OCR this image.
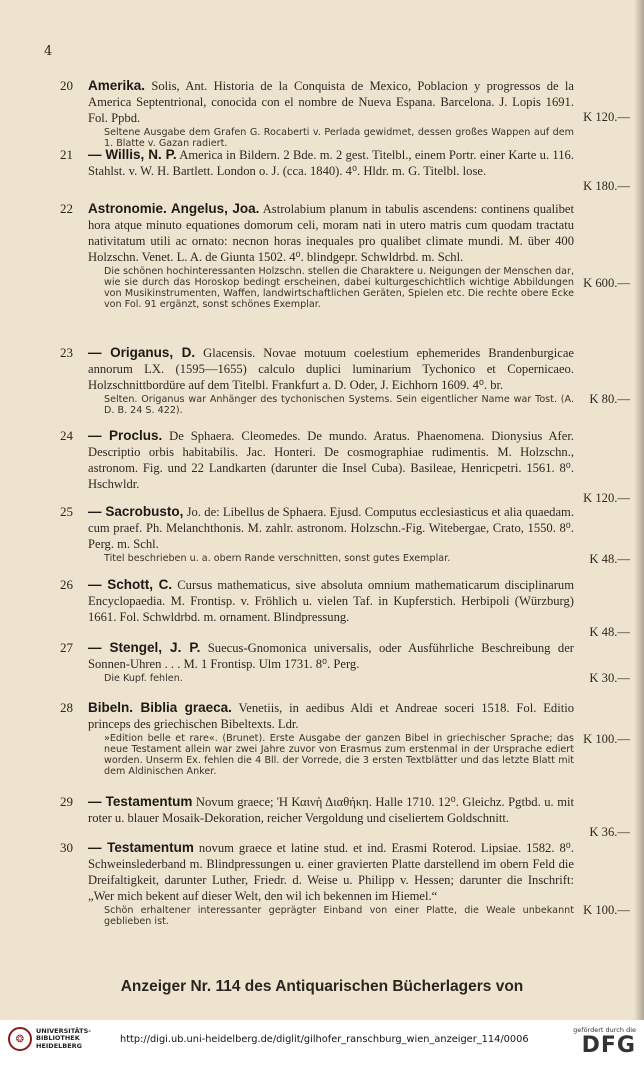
4
20	Amerika. Solis, Ant. Historia de la Conquista de Mexico, Poblacion y progressos de la America Septentrional, conocida con el nombre de Nueva Espana. Barcelona. J. Lopis 1691. Fol. Ppbd.
Seltene Ausgabe dem Grafen G. Rocaberti v. Perlada gewidmet, dessen großes Wappen auf dem 1. Blatte v. Gazan radiert.
K 120.—
21	— Willis, N. P. America in Bildern. 2 Bde. m. 2 gest. Titelbl., einem Portr. einer Karte u. 116. Stahlst. v. W. H. Bartlett. London o. J. (cca. 1840). 4⁰. Hldr. m. G. Titelbl. lose.
K 180.—
22	Astronomie. Angelus, Joa. Astrolabium planum in tabulis ascendens: continens qualibet hora atque minuto equationes domorum celi, moram nati in utero matris cum quodam tractatu nativitatum utili ac ornato: necnon horas inequales pro qualibet climate mundi. M. über 400 Holzschn. Venet. L. A. de Giunta 1502. 4⁰. blindgepr. Schwldrbd. m. Schl.
Die schönen hochinteressanten Holzschn. stellen die Charaktere u. Neigungen der Menschen dar, wie sie durch das Horoskop bedingt erscheinen, dabei kulturgeschichtlich wichtige Abbildungen von Musikinstrumenten, Waffen, landwirtschaftlichen Geräten, Spielen etc. Die rechte obere Ecke von Fol. 91 ergänzt, sonst schönes Exemplar.
K 600.—
23	— Origanus, D. Glacensis. Novae motuum coelestium ephemerides Brandenburgicae annorum LX. (1595—1655) calculo duplici luminarium Tychonico et Copernicaeo. Holzschnittbordüre auf dem Titelbl. Frankfurt a. D. Oder, J. Eichhorn 1609. 4⁰. br.
Selten. Origanus war Anhänger des tychonischen Systems. Sein eigentlicher Name war Tost. (A. D. B. 24 S. 422).
K 80.—
24	— Proclus. De Sphaera. Cleomedes. De mundo. Aratus. Phaenomena. Dionysius Afer. Descriptio orbis habitabilis. Jac. Honteri. De cosmographiae rudimentis. M. Holzschn., astronom. Fig. und 22 Landkarten (darunter die Insel Cuba). Basileae, Henricpetri. 1561. 8⁰. Hschwldr.
K 120.—
25	— Sacrobusto, Jo. de: Libellus de Sphaera. Ejusd. Computus ecclesiasticus et alia quaedam. cum praef. Ph. Melanchthonis. M. zahlr. astronom. Holzschn.-Fig. Witebergae, Crato, 1550. 8⁰. Perg. m. Schl.
Titel beschrieben u. a. obern Rande verschnitten, sonst gutes Exemplar.	K 48.—
26	— Schott, C. Cursus mathematicus, sive absoluta omnium mathematicarum disciplinarum Encyclopaedia. M. Frontisp. v. Fröhlich u. vielen Taf. in Kupferstich. Herbipoli (Würzburg) 1661. Fol. Schwldrbd. m. ornament. Blindpressung.
K 48.—
27	— Stengel, J. P. Suecus-Gnomonica universalis, oder Ausführliche Beschreibung der Sonnen-Uhren . . . M. 1 Frontisp. Ulm 1731. 8⁰. Perg.
Die Kupf. fehlen.	K 30.—
28	Bibeln. Biblia graeca. Venetiis, in aedibus Aldi et Andreae soceri 1518. Fol. Editio princeps des griechischen Bibeltexts. Ldr.
»Edition belle et rare«. (Brunet). Erste Ausgabe der ganzen Bibel in griechischer Sprache; das neue Testament allein war zwei Jahre zuvor von Erasmus zum erstenmal in der Ursprache ediert worden. Unserm Ex. fehlen die 4 Bll. der Vorrede, die 3 ersten Textblätter und das letzte Blatt mit dem Aldinischen Anker.
K 100.—
29	— Testamentum Novum graece; Ἡ Καινὴ Διαθήκη. Halle 1710. 12⁰. Gleichz. Pgtbd. u. mit roter u. blauer Mosaik-Dekoration, reicher Vergoldung und ciseliertem Goldschnitt.
K 36.—
30	— Testamentum novum graece et latine stud. et ind. Erasmi Roterod. Lipsiae. 1582. 8⁰. Schweinslederband m. Blindpressungen u. einer gravierten Platte darstellend im obern Feld die Dreifaltigkeit, darunter Luther, Friedr. d. Weise u. Philipp v. Hessen; darunter die Inschrift: „Wer mich bekent auf dieser Welt, den wil ich bekennen im Hiemel.“
Schön erhaltener interessanter geprägter Einband von einer Platte, die Weale unbekannt geblieben ist.
K 100.—
Anzeiger Nr. 114 des Antiquarischen Bücherlagers von
❂
UNIVERSITÄTS-BIBLIOTHEK HEIDELBERG
http://digi.ub.uni-heidelberg.de/diglit/gilhofer_ranschburg_wien_anzeiger_114/0006
gefördert durch die
DFG
